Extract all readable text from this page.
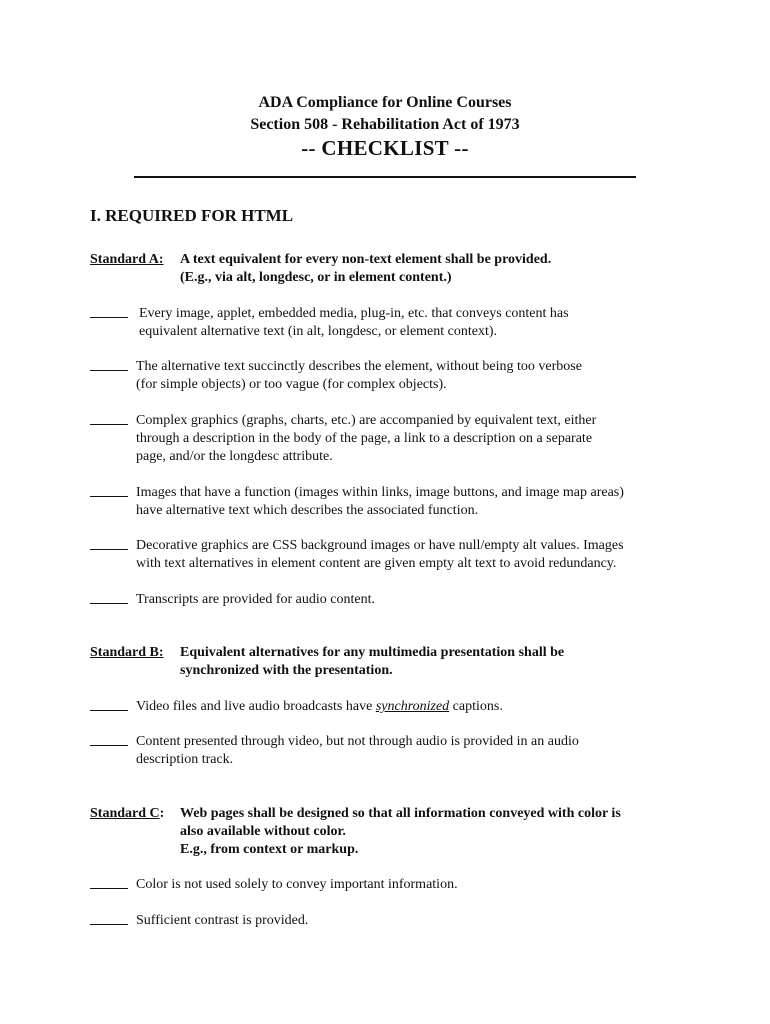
ADA Compliance for Online Courses
Section 508 - Rehabilitation Act of 1973
-- CHECKLIST --
I. REQUIRED FOR HTML
Standard A: A text equivalent for every non-text element shall be provided.
(E.g., via alt, longdesc, or in element content.)
Every image, applet, embedded media, plug-in, etc. that conveys content has
equivalent alternative text (in alt, longdesc, or element context).
The alternative text succinctly describes the element, without being too verbose
(for simple objects) or too vague (for complex objects).
Complex graphics (graphs, charts, etc.) are accompanied by equivalent text, either
through a description in the body of the page, a link to a description on a separate
page, and/or the longdesc attribute.
Images that have a function (images within links, image buttons, and image map areas)
have alternative text which describes the associated function.
Decorative graphics are CSS background images or have null/empty alt values. Images
with text alternatives in element content are given empty alt text to avoid redundancy.
Transcripts are provided for audio content.
Standard B: Equivalent alternatives for any multimedia presentation shall be
synchronized with the presentation.
Video files and live audio broadcasts have synchronized captions.
Content presented through video, but not through audio is provided in an audio
description track.
Standard C: Web pages shall be designed so that all information conveyed with color is
also available without color.
E.g., from context or markup.
Color is not used solely to convey important information.
Sufficient contrast is provided.
